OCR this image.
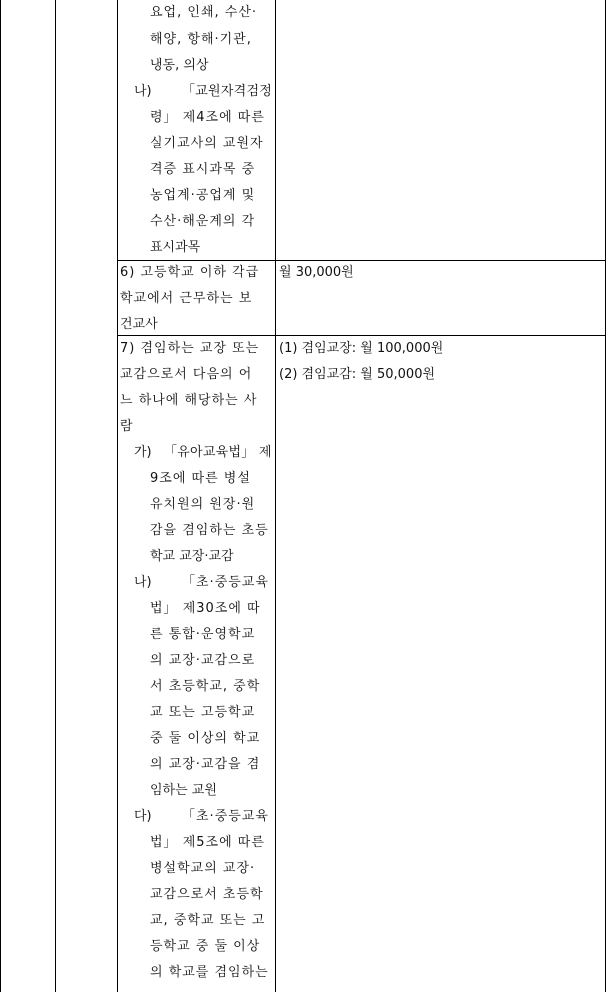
요업, 인쇄, 수산·
해양, 항해·기관,
냉동, 의상
나) 「교원자격검정
령」 제4조에 따른
실기교사의 교원자
격증 표시과목 중
농업계·공업계 및
수산·해운계의 각
표시과목
6) 고등학교 이하 각급
학교에서 근무하는 보
건교사
월 30,000원
7) 겸임하는 교장 또는
교감으로서 다음의 어
느 하나에 해당하는 사
람
(1) 겸임교장: 월 100,000원
(2) 겸임교감: 월 50,000원
가) 「유아교육법」 제
9조에 따른 병설
유치원의 원장·원
감을 겸임하는 초등
학교 교장·교감
나) 「초·중등교육
법」 제30조에 따
른 통합·운영학교
의 교장·교감으로
서 초등학교, 중학
교 또는 고등학교
중 둘 이상의 학교
의 교장·교감을 겸
임하는 교원
다) 「초·중등교육
법」 제5조에 따른
병설학교의 교장·
교감으로서 초등학
교, 중학교 또는 고
등학교 중 둘 이상
의 학교를 겸임하는
